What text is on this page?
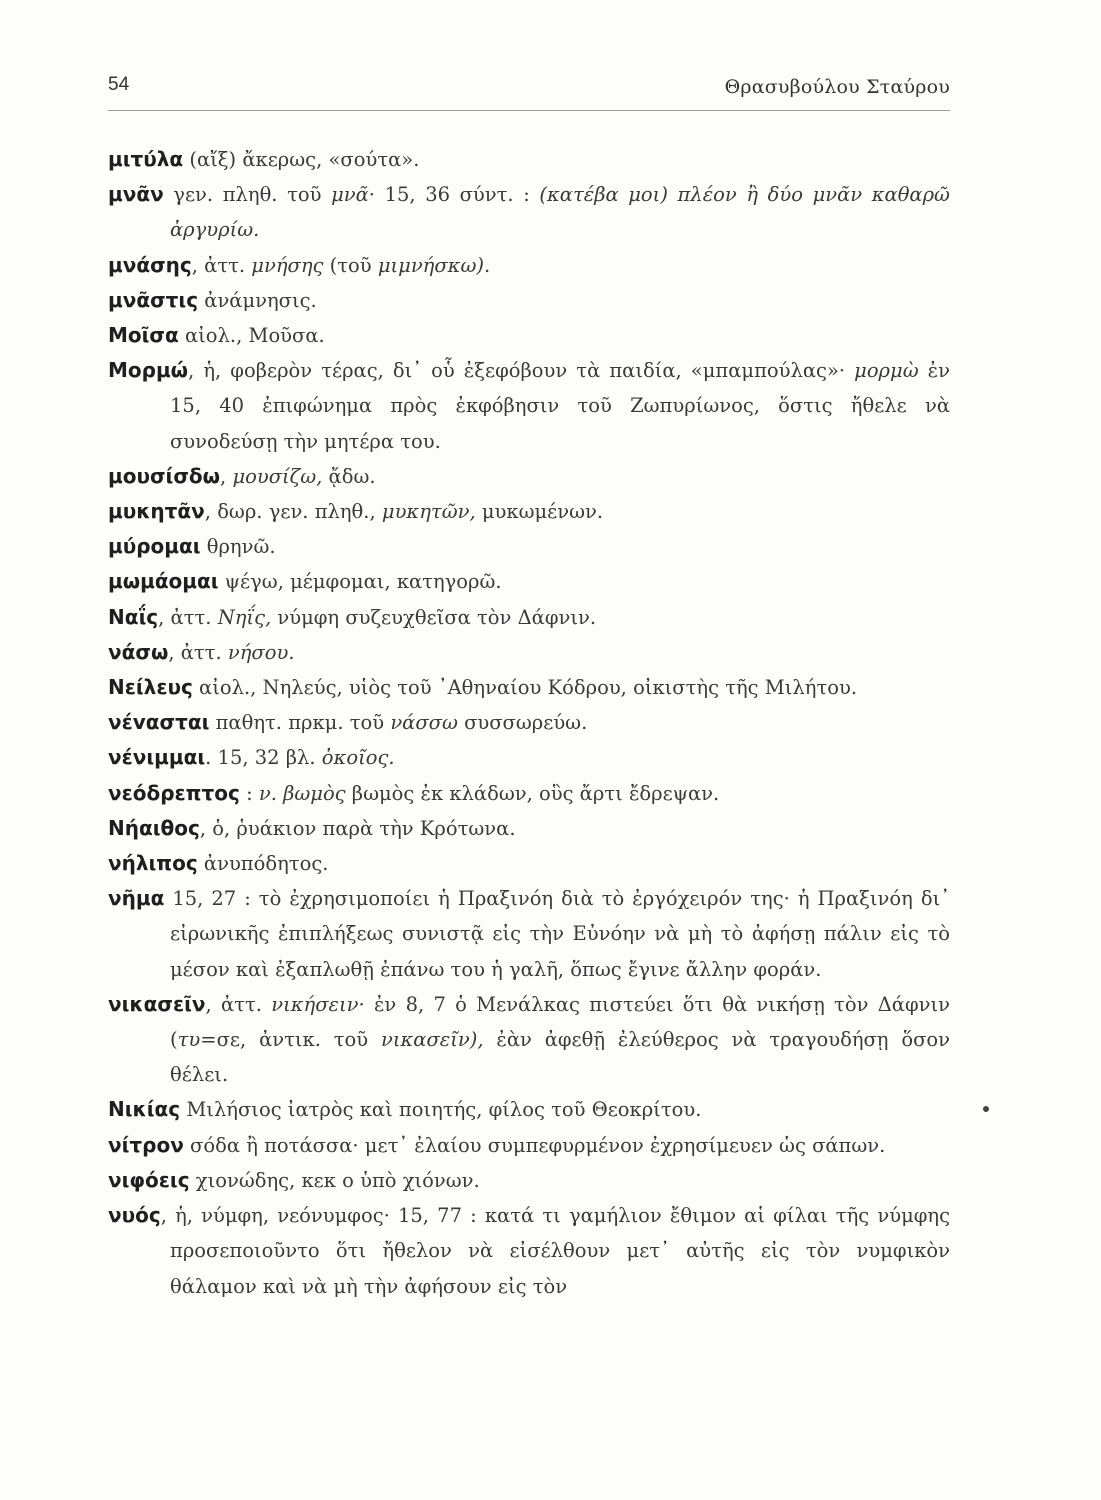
54	Θρασυβούλου Σταύρου

μιτύλα (αἴξ) ἄκερως, «σούτα».

μνᾶν γεν. πληθ. τοῦ μνᾶ· 15, 36 σύντ. : (κατέβα μοι) πλέον ἢ δύο μνᾶν καθαρῶ ἀργυρίω.

μνάσης, ἀττ. μνήσης (τοῦ μιμνήσκω).

μνᾶστις ἀνάμνησις.

Μοῖσα αἰολ., Μοῦσα.

Μορμώ, ἡ, φοβερὸν τέρας, δι᾿ οὗ ἐξεφόβουν τὰ παιδία, «μπαμπούλας»· μορμὼ ἐν 15, 40 ἐπιφώνημα πρὸς ἐκφόβησιν τοῦ Ζωπυρίωνος, ὅστις ἤθελε νὰ συνοδεύσῃ τὴν μητέρα του.

μουσίσδω, μουσίζω, ᾄδω.

μυκητᾶν, δωρ. γεν. πληθ., μυκητῶν, μυκωμένων.

μύρομαι θρηνῶ.

μωμάομαι ψέγω, μέμφομαι, κατηγορῶ.

Ναΐς, ἀττ. Νηΐς, νύμφη συζευχθεῖσα τὸν Δάφνιν.

νάσω, ἀττ. νήσου.

Νείλευς αἰολ., Νηλεύς, υἱὸς τοῦ ᾿Αθηναίου Κόδρου, οἰκιστὴς τῆς Μιλήτου.

νέvασται παθητ. πρκμ. τοῦ νάσσω συσσωρεύω.

νένιμμαι. 15, 32 βλ. ὀκοῖος.

νεόδρεπτος : ν. βωμὸς βωμὸς ἐκ κλάδων, οὓς ἄρτι ἔδρεψαν.

Νήαιθος, ὁ, ῥυάκιον παρὰ τὴν Κρότωνα.

νήλιπος ἀνυπόδητος.

νῆμα 15, 27 : τὸ ἐχρησιμοποίει ἡ Πραξινόη διὰ τὸ ἐργόχειρόν της· ἡ Πραξινόη δι᾿ εἰρωνικῆς ἐπιπλήξεως συνιστᾷ εἰς τὴν Εὐνόην νὰ μὴ τὸ ἀφήσῃ πάλιν εἰς τὸ μέσον καὶ ἐξαπλωθῇ ἐπάνω του ἡ γαλῆ, ὅπως ἔγινε ἄλλην φοράν.

νικασεῖν, ἀττ. νικήσειν· ἐν 8, 7 ὁ Μενάλκας πιστεύει ὅτι θὰ νικήσῃ τὸν Δάφνιν (τυ=σε, ἀντικ. τοῦ νικασεῖν), ἐὰν ἀφεθῇ ἐλεύθερος νὰ τραγουδήσῃ ὅσον θέλει.

Νικίας Μιλήσιος ἰατρὸς καὶ ποιητής, φίλος τοῦ Θεοκρίτου.

νίτρον σόδα ἢ ποτάσσα· μετ᾿ ἐλαίου συμπεφυρμένον ἐχρησίμευεν ὡς σάπων.

νιφόεις χιονώδης, κεκ ο ὑπὸ χιόνων.

νυός, ἡ, νύμφη, νεόνυμφος· 15, 77 : κατά τι γαμήλιον ἔθιμον αἱ φίλαι τῆς νύμφης προσεποιοῦντο ὅτι ἤθελον νὰ εἰσέλθουν μετ᾿ αὐτῆς εἰς τὸν νυμφικὸν θάλαμον καὶ νὰ μὴ τὴν ἀφήσουν εἰς τὸν
